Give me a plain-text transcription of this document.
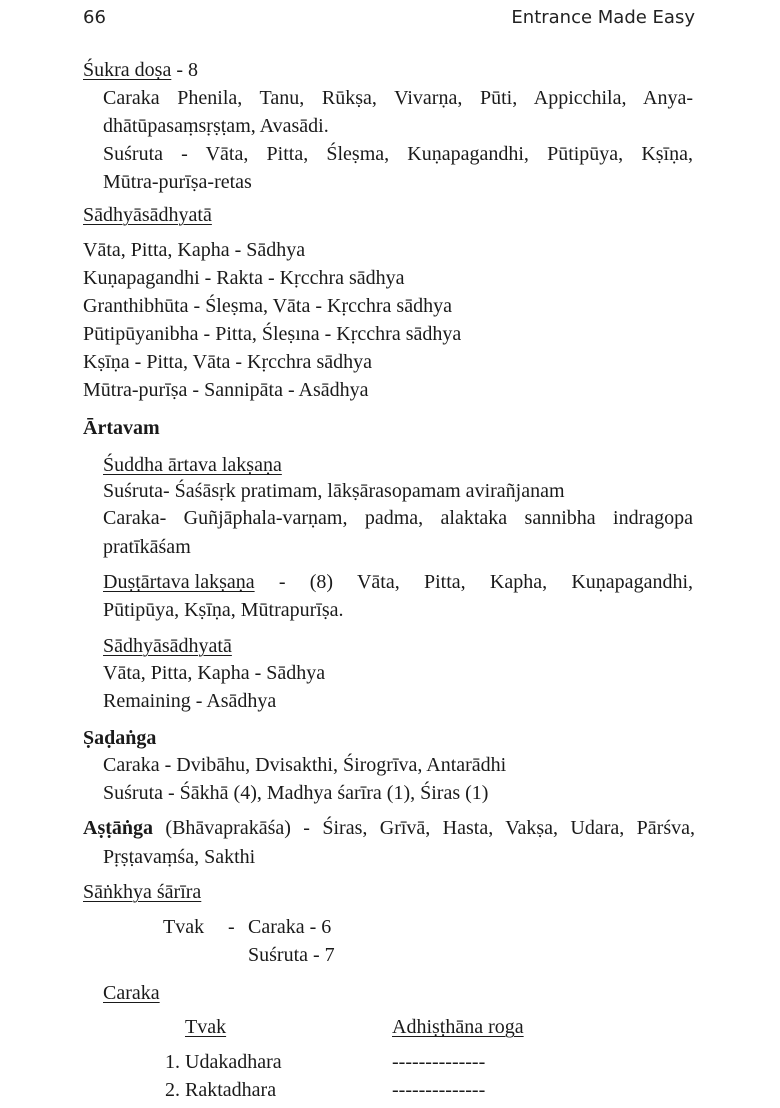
66	Entrance Made Easy
Śukra doṣa - 8
Caraka Phenila, Tanu, Rūkṣa, Vivarṇa, Pūti, Appicchila, Anya-
dhātūpasaṃsṛṣṭam, Avasādi.
Suśruta - Vāta, Pitta, Śleṣma, Kuṇapagandhi, Pūtipūya, Kṣīṇa,
Mūtra-purīṣa-retas
Sādhyāsādhyatā
Vāta, Pitta, Kapha - Sādhya
Kuṇapagandhi - Rakta - Kṛcchra sādhya
Granthibhūta - Śleṣma, Vāta - Kṛcchra sādhya
Pūtipūyanibha - Pitta, Śleṣına - Kṛcchra sādhya
Kṣīṇa - Pitta, Vāta - Kṛcchra sādhya
Mūtra-purīṣa - Sannipāta - Asādhya
Ārtavam
Śuddha ārtava lakṣaṇa
Suśruta- Śaśāsṛk pratimam, lākṣārasopamam avirañjanam
Caraka- Guñjāphala-varṇam, padma, alaktaka sannibha indragopa
pratīkāśam
Duṣṭārtava lakṣaṇa - (8) Vāta, Pitta, Kapha, Kuṇapagandhi,
Pūtipūya, Kṣīṇa, Mūtrapurīṣa.
Sādhyāsādhyatā
Vāta, Pitta, Kapha - Sādhya
Remaining - Asādhya
Ṣaḍaṅga
Caraka - Dvibāhu, Dvisakthi, Śirogrīva, Antarādhi
Suśruta - Śākhā (4), Madhya śarīra (1), Śiras (1)
Aṣṭāṅga (Bhāvaprakāśa) - Śiras, Grīvā, Hasta, Vakṣa, Udara, Pārśva,
Pṛṣṭavaṃśa, Sakthi
Sāṅkhya śārīra
Tvak - Caraka - 6
Suśruta - 7
Caraka
Tvak	Adhiṣṭhāna roga
1. Udakadhara	--------------
2. Raktadhara	--------------
